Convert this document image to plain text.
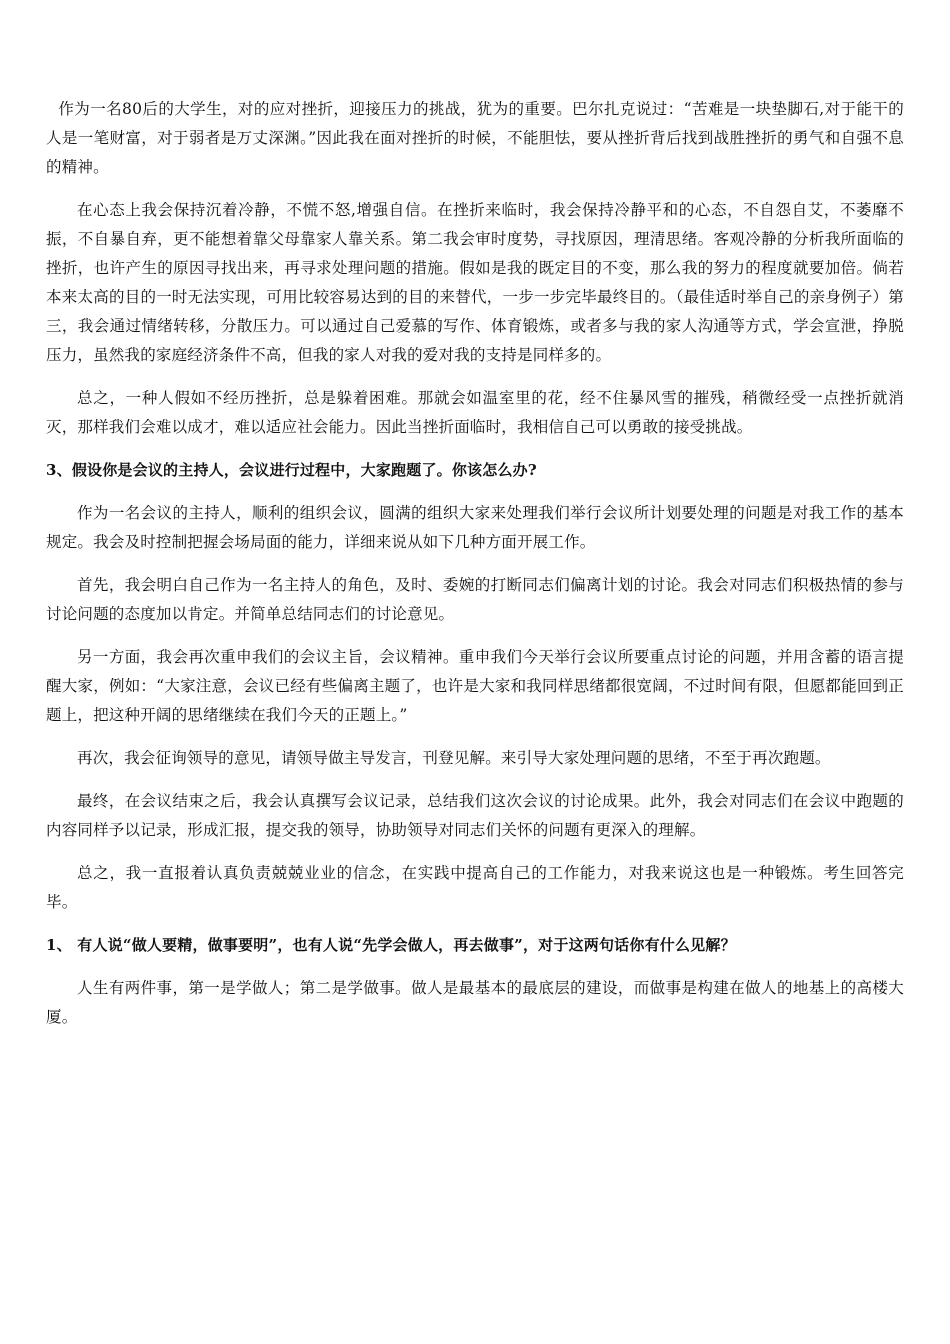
作为一名80后的大学生，对的应对挫折，迎接压力的挑战，犹为的重要。巴尔扎克说过：“苦难是一块垫脚石,对于能干的人是一笔财富，对于弱者是万丈深渊。”因此我在面对挫折的时候，不能胆怯，要从挫折背后找到战胜挫折的勇气和自强不息的精神。

在心态上我会保持沉着冷静，不慌不怒,增强自信。在挫折来临时，我会保持冷静平和的心态，不自怨自艾，不萎靡不振，不自暴自弃，更不能想着靠父母靠家人靠关系。第二我会审时度势，寻找原因，理清思绪。客观冷静的分析我所面临的挫折，也许产生的原因寻找出来，再寻求处理问题的措施。假如是我的既定目的不变，那么我的努力的程度就要加倍。倘若本来太高的目的一时无法实现，可用比较容易达到的目的来替代，一步一步完毕最终目的。（最佳适时举自己的亲身例子）第三，我会通过情绪转移，分散压力。可以通过自己爱慕的写作、体育锻炼，或者多与我的家人沟通等方式，学会宣泄，挣脱压力，虽然我的家庭经济条件不高，但我的家人对我的爱对我的支持是同样多的。

总之，一种人假如不经历挫折，总是躲着困难。那就会如温室里的花，经不住暴风雪的摧残，稍微经受一点挫折就消灭，那样我们会难以成才，难以适应社会能力。因此当挫折面临时，我相信自己可以勇敢的接受挑战。

3、假设你是会议的主持人，会议进行过程中，大家跑题了。你该怎么办?

作为一名会议的主持人，顺利的组织会议，圆满的组织大家来处理我们举行会议所计划要处理的问题是对我工作的基本规定。我会及时控制把握会场局面的能力，详细来说从如下几种方面开展工作。

首先，我会明白自己作为一名主持人的角色，及时、委婉的打断同志们偏离计划的讨论。我会对同志们积极热情的参与讨论问题的态度加以肯定。并简单总结同志们的讨论意见。

另一方面，我会再次重申我们的会议主旨，会议精神。重申我们今天举行会议所要重点讨论的问题，并用含蓄的语言提醒大家，例如：“大家注意，会议已经有些偏离主题了，也许是大家和我同样思绪都很宽阔，不过时间有限，但愿都能回到正题上，把这种开阔的思绪继续在我们今天的正题上。”

再次，我会征询领导的意见，请领导做主导发言，刊登见解。来引导大家处理问题的思绪，不至于再次跑题。

最终，在会议结束之后，我会认真撰写会议记录，总结我们这次会议的讨论成果。此外，我会对同志们在会议中跑题的内容同样予以记录，形成汇报，提交我的领导，协助领导对同志们关怀的问题有更深入的理解。

总之，我一直报着认真负责兢兢业业的信念，在实践中提高自己的工作能力，对我来说这也是一种锻炼。考生回答完毕。

1、 有人说“做人要精，做事要明”，也有人说“先学会做人，再去做事”，对于这两句话你有什么见解？

人生有两件事，第一是学做人；第二是学做事。做人是最基本的最底层的建设，而做事是构建在做人的地基上的高楼大厦。
